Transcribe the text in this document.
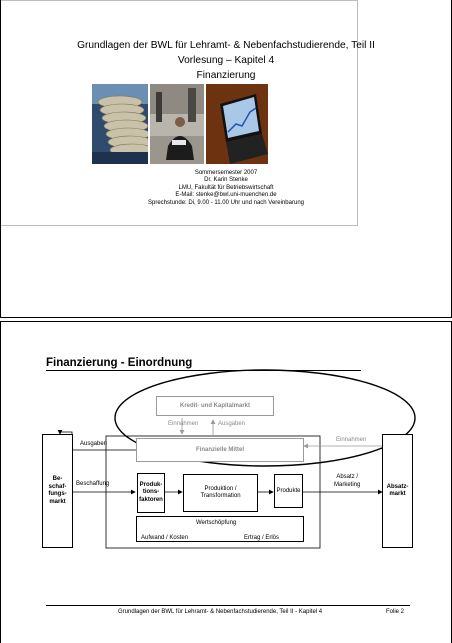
Grundlagen der BWL für Lehramt- & Nebenfachstudierende, Teil II
Vorlesung – Kapitel 4
Finanzierung
Sommersemester 2007
Dr. Karin Stenke
LMU, Fakultät für Betriebswirtschaft
E-Mail: stenke@bwl.uni-muenchen.de
Sprechstunde: Di, 9.00 - 11.00 Uhr und nach Vereinbarung
Finanzierung - Einordnung
Kredit- und Kapitalmarkt
Einnahmen	Ausgaben
Einnahmen
Ausgaben
Finanzielle Mittel
Be-
schaf-
fungs-
markt
Beschaffung	Produk-
tions-
faktoren
Produktion /
Transformation
Produkte
Absatz /
Marketing	Absatz-
markt
Wertschöpfung
Aufwand / Kosten	Ertrag / Erlös
Grundlagen der BWL für Lehramt- & Nebenfachstudierende, Teil II - Kapitel 4	Folie 2
